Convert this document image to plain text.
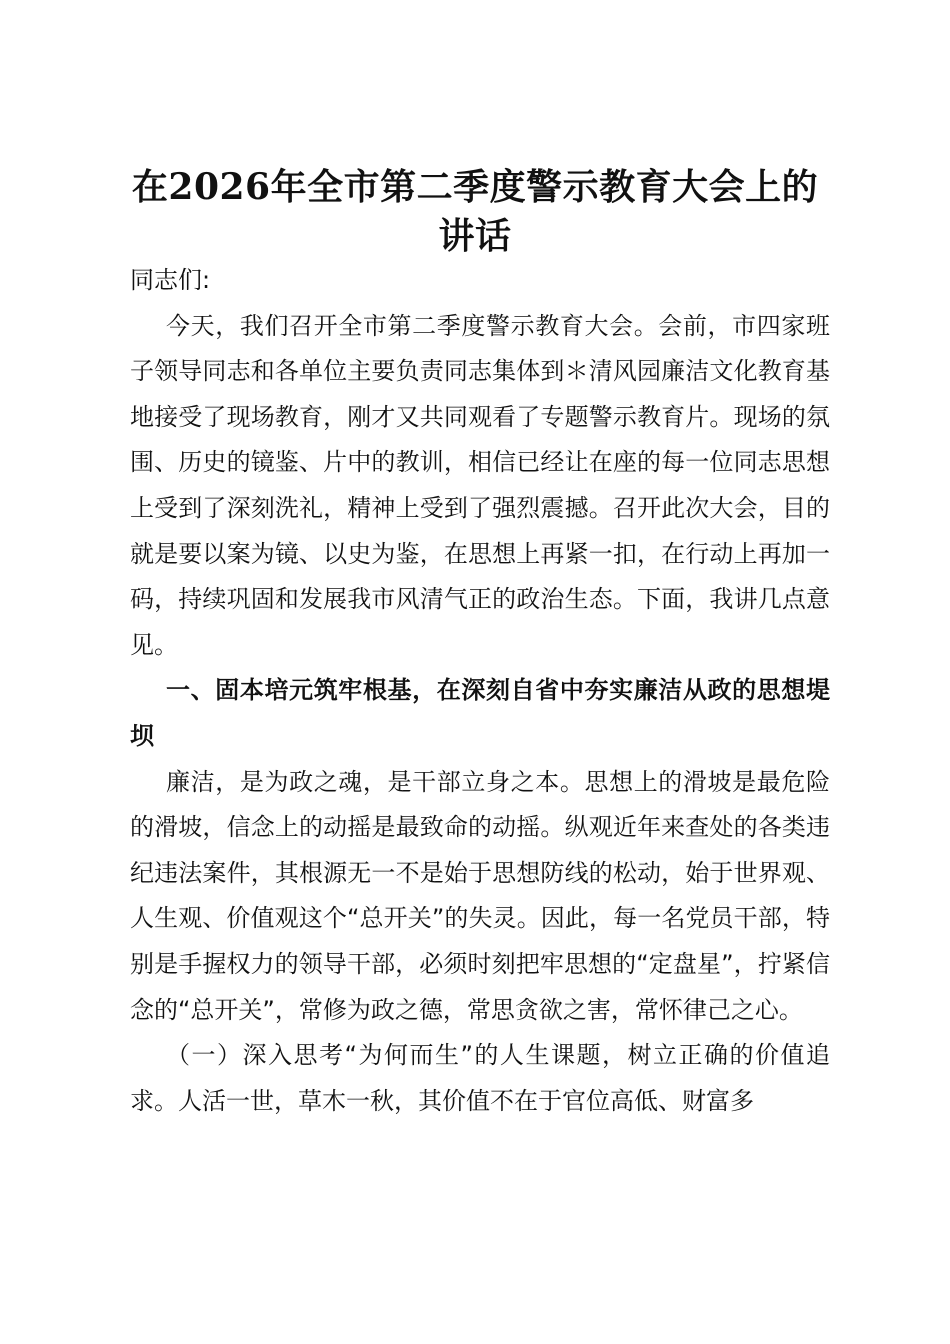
在2026年全市第二季度警示教育大会上的讲话

同志们:

今天，我们召开全市第二季度警示教育大会。会前，市四家班子领导同志和各单位主要负责同志集体到＊清风园廉洁文化教育基地接受了现场教育，刚才又共同观看了专题警示教育片。现场的氛围、历史的镜鉴、片中的教训，相信已经让在座的每一位同志思想上受到了深刻洗礼，精神上受到了强烈震撼。召开此次大会，目的就是要以案为镜、以史为鉴，在思想上再紧一扣，在行动上再加一码，持续巩固和发展我市风清气正的政治生态。下面，我讲几点意见。

一、固本培元筑牢根基，在深刻自省中夯实廉洁从政的思想堤坝

廉洁，是为政之魂，是干部立身之本。思想上的滑坡是最危险的滑坡，信念上的动摇是最致命的动摇。纵观近年来查处的各类违纪违法案件，其根源无一不是始于思想防线的松动，始于世界观、人生观、价值观这个“总开关”的失灵。因此，每一名党员干部，特别是手握权力的领导干部，必须时刻把牢思想的“定盘星”，拧紧信念的“总开关”，常修为政之德，常思贪欲之害，常怀律己之心。

（一）深入思考“为何而生”的人生课题，树立正确的价值追求。人活一世，草木一秋，其价值不在于官位高低、财富多
